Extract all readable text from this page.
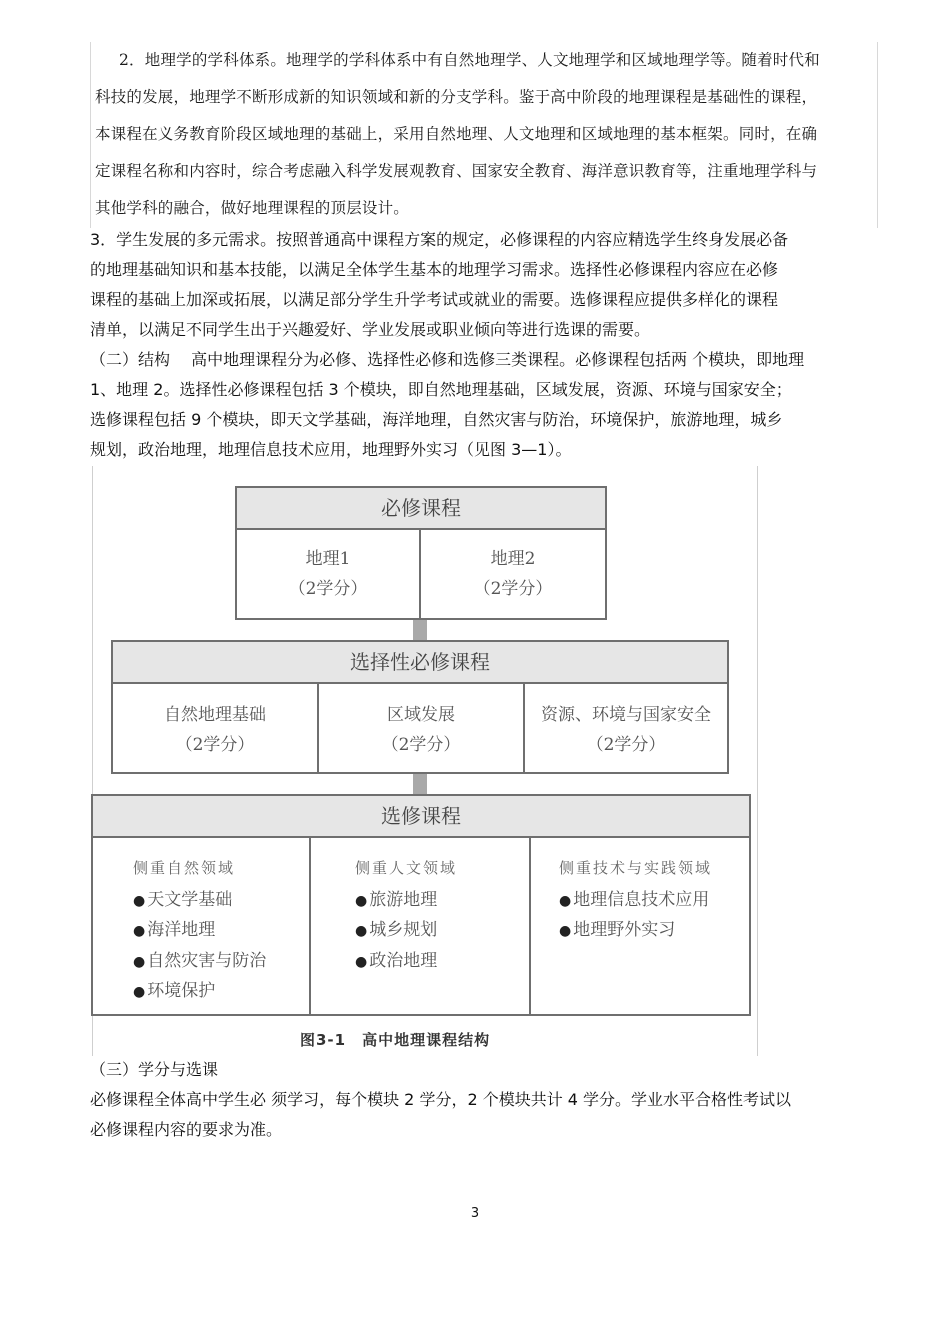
2．地理学的学科体系。地理学的学科体系中有自然地理学、人文地理学和区域地理学等。随着时代和

科技的发展，地理学不断形成新的知识领域和新的分支学科。鉴于高中阶段的地理课程是基础性的课程，

本课程在义务教育阶段区域地理的基础上，采用自然地理、人文地理和区域地理的基本框架。同时，在确

定课程名称和内容时，综合考虑融入科学发展观教育、国家安全教育、海洋意识教育等，注重地理学科与

其他学科的融合，做好地理课程的顶层设计。

3．学生发展的多元需求。按照普通高中课程方案的规定，必修课程的内容应精选学生终身发展必备

的地理基础知识和基本技能，以满足全体学生基本的地理学习需求。选择性必修课程内容应在必修

课程的基础上加深或拓展，以满足部分学生升学考试或就业的需要。选修课程应提供多样化的课程

清单，以满足不同学生出于兴趣爱好、学业发展或职业倾向等进行选课的需要。

（二）结构　 高中地理课程分为必修、选择性必修和选修三类课程。必修课程包括两 个模块，即地理

1、地理 2。选择性必修课程包括 3 个模块，即自然地理基础，区域发展，资源、环境与国家安全；

选修课程包括 9 个模块，即天文学基础，海洋地理，自然灾害与防治，环境保护，旅游地理，城乡

规划，政治地理，地理信息技术应用，地理野外实习（见图 3—1）。

必修课程
地理1
（2学分）
地理2
（2学分）
选择性必修课程
自然地理基础
（2学分）
区域发展
（2学分）
资源、环境与国家安全
（2学分）
选修课程
侧重自然领域
● 天文学基础
● 海洋地理
● 自然灾害与防治
● 环境保护
侧重人文领域
● 旅游地理
● 城乡规划
● 政治地理
侧重技术与实践领域
● 地理信息技术应用
● 地理野外实习
图3-1　高中地理课程结构

（三）学分与选课

必修课程全体高中学生必 须学习，每个模块 2 学分，2 个模块共计 4 学分。学业水平合格性考试以

必修课程内容的要求为准。

3
